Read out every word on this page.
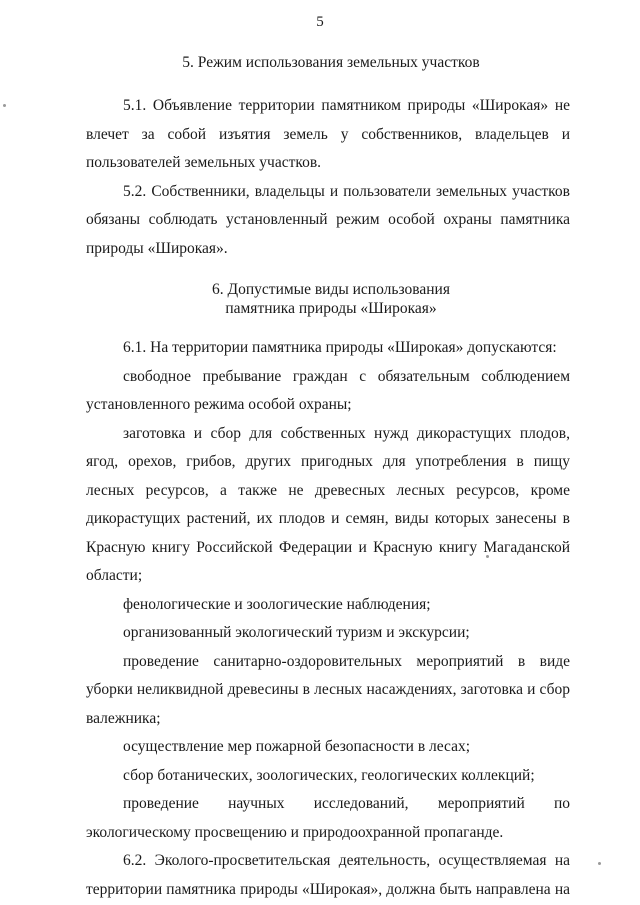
5
5. Режим использования земельных участков

5.1. Объявление территории памятником природы «Широкая» не влечет за собой изъятия земель у собственников, владельцев и пользователей земельных участков.

5.2. Собственники, владельцы и пользователи земельных участков обязаны соблюдать установленный режим особой охраны памятника природы «Широкая».

6. Допустимые виды использования
памятника природы «Широкая»

6.1. На территории памятника природы «Широкая» допускаются:

свободное пребывание граждан с обязательным соблюдением установленного режима особой охраны;

заготовка и сбор для собственных нужд дикорастущих плодов, ягод, орехов, грибов, других пригодных для употребления в пищу лесных ресурсов, а также не древесных лесных ресурсов, кроме дикорастущих растений, их плодов и семян, виды которых занесены в Красную книгу Российской Федерации и Красную книгу Магаданской области;

фенологические и зоологические наблюдения;

организованный экологический туризм и экскурсии;

проведение санитарно-оздоровительных мероприятий в виде уборки неликвидной древесины в лесных насаждениях, заготовка и сбор валежника;

осуществление мер пожарной безопасности в лесах;

сбор ботанических, зоологических, геологических коллекций;

проведение научных исследований, мероприятий по экологическому просвещению и природоохранной пропаганде.

6.2. Эколого-просветительская деятельность, осуществляемая на территории памятника природы «Широкая», должна быть направлена на
